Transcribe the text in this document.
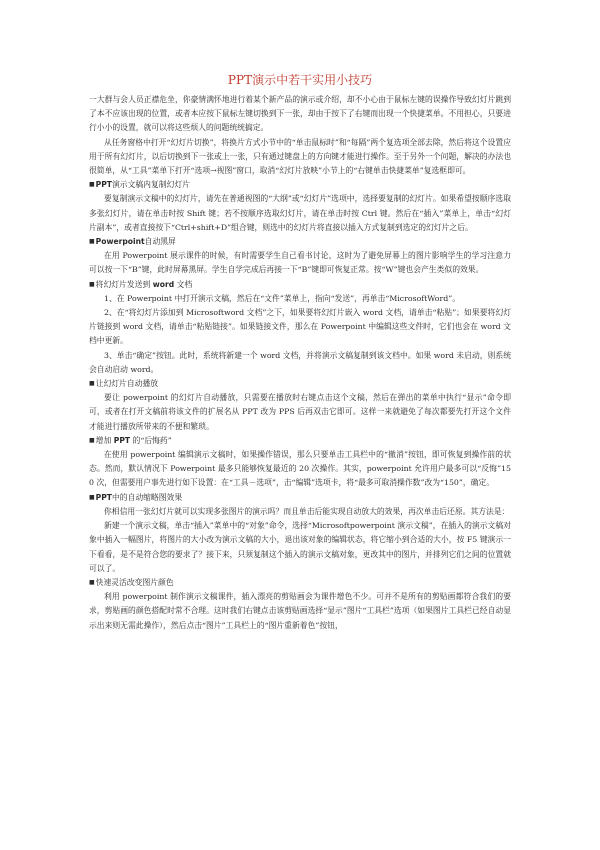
PPT演示中若干实用小技巧

一大群与会人员正襟危坐，你豪情满怀地进行着某个新产品的演示或介绍，却不小心由于鼠标左键的误操作导致幻灯片跳到了本不应该出现的位置，或者本应按下鼠标左键切换到下一张，却由于按下了右键而出现一个快捷菜单。不用担心，只要进行小小的设置，就可以将这些烦人的问题统统搞定。

从任务窗格中打开“幻灯片切换”，将换片方式小节中的“单击鼠标时”和“每隔”两个复选项全部去除，然后将这个设置应用于所有幻灯片，以后切换到下一张或上一张，只有通过键盘上的方向键才能进行操作。至于另外一个问题，解决的办法也很简单，从“工具”菜单下打开“选项→视图”窗口，取消“幻灯片放映”小节上的“右键单击快捷菜单”复选框即可。

■PPT演示文稿内复制幻灯片

要复制演示文稿中的幻灯片，请先在普通视图的“大纲”或“幻灯片”选项中，选择要复制的幻灯片。如果希望按顺序选取多张幻灯片，请在单击时按 Shift 键；若不按顺序选取幻灯片，请在单击时按 Ctrl 键。然后在“插入”菜单上，单击“幻灯片副本”，或者直接按下“Ctrl+shift+D”组合键，则选中的幻灯片将直接以插入方式复制到选定的幻灯片之后。

■Powerpoint自动黑屏

在用 Powerpoint 展示课件的时候，有时需要学生自己看书讨论，这时为了避免屏幕上的图片影响学生的学习注意力可以按一下“B”键，此时屏幕黑屏。学生自学完成后再接一下“B”键即可恢复正常。按“W”键也会产生类似的效果。

■将幻灯片发送到 word 文档

1、在 Powerpoint 中打开演示文稿，然后在“文件”菜单上，指向“发送”，再单击“MicrosoftWord”。

2、在“将幻灯片添加到 Microsoftword 文档”之下，如果要将幻灯片嵌入 word 文档，请单击“粘贴”；如果要将幻灯片链接到 word 文档，请单击“粘贴链接”。如果链接文件，那么在 Powerpoint 中编辑这些文件时，它们也会在 word 文档中更新。

3、单击“确定”按钮。此时，系统将新建一个 word 文档，并将演示文稿复制到该文档中。如果 word 未启动，则系统会自动启动 word。

■让幻灯片自动播放

要让 powerpoint 的幻灯片自动播放，只需要在播放时右键点击这个文稿，然后在弹出的菜单中执行“显示”命令即可，或者在打开文稿前将该文件的扩展名从 PPT 改为 PPS 后再双击它即可。这样一来就避免了每次都要先打开这个文件才能进行播放所带来的不便和繁琐。

■增加 PPT 的“后悔药”

在使用 powerpoint 编辑演示文稿时，如果操作错误，那么只要单击工具栏中的“撤消”按钮，即可恢复到操作前的状态。然而，默认情况下 Powerpoint 最多只能够恢复最近的 20 次操作。其实，powerpoint 允许用户最多可以“反悔”150 次，但需要用户事先进行如下设置：在“工具－选项”，击“编辑”选项卡，将“最多可取消操作数”改为“150”，确定。

■PPT中的自动缩略图效果

你相信用一张幻灯片就可以实现多张图片的演示吗？而且单击后能实现自动放大的效果，再次单击后还原。其方法是：

新建一个演示文稿，单击“插入”菜单中的“对象”命令，选择“Microsoftpowerpoint 演示文稿”，在插入的演示文稿对象中插入一幅图片，将图片的大小改为演示文稿的大小，退出该对象的编辑状态，将它缩小到合适的大小，按 F5 键演示一下看看，是不是符合您的要求了？接下来，只须复制这个插入的演示文稿对象，更改其中的图片，并排列它们之间的位置就可以了。

■快速灵活改变图片颜色

利用 powerpoint 制作演示文稿课件，插入漂亮的剪贴画会为课件增色不少。可并不是所有的剪贴画都符合我们的要求，剪贴画的颜色搭配时常不合理。这时我们右键点击该剪贴画选择“显示”图片“工具栏”选项（如果图片工具栏已经自动显示出来则无需此操作），然后点击“图片”工具栏上的“图片重新着色”按钮，
